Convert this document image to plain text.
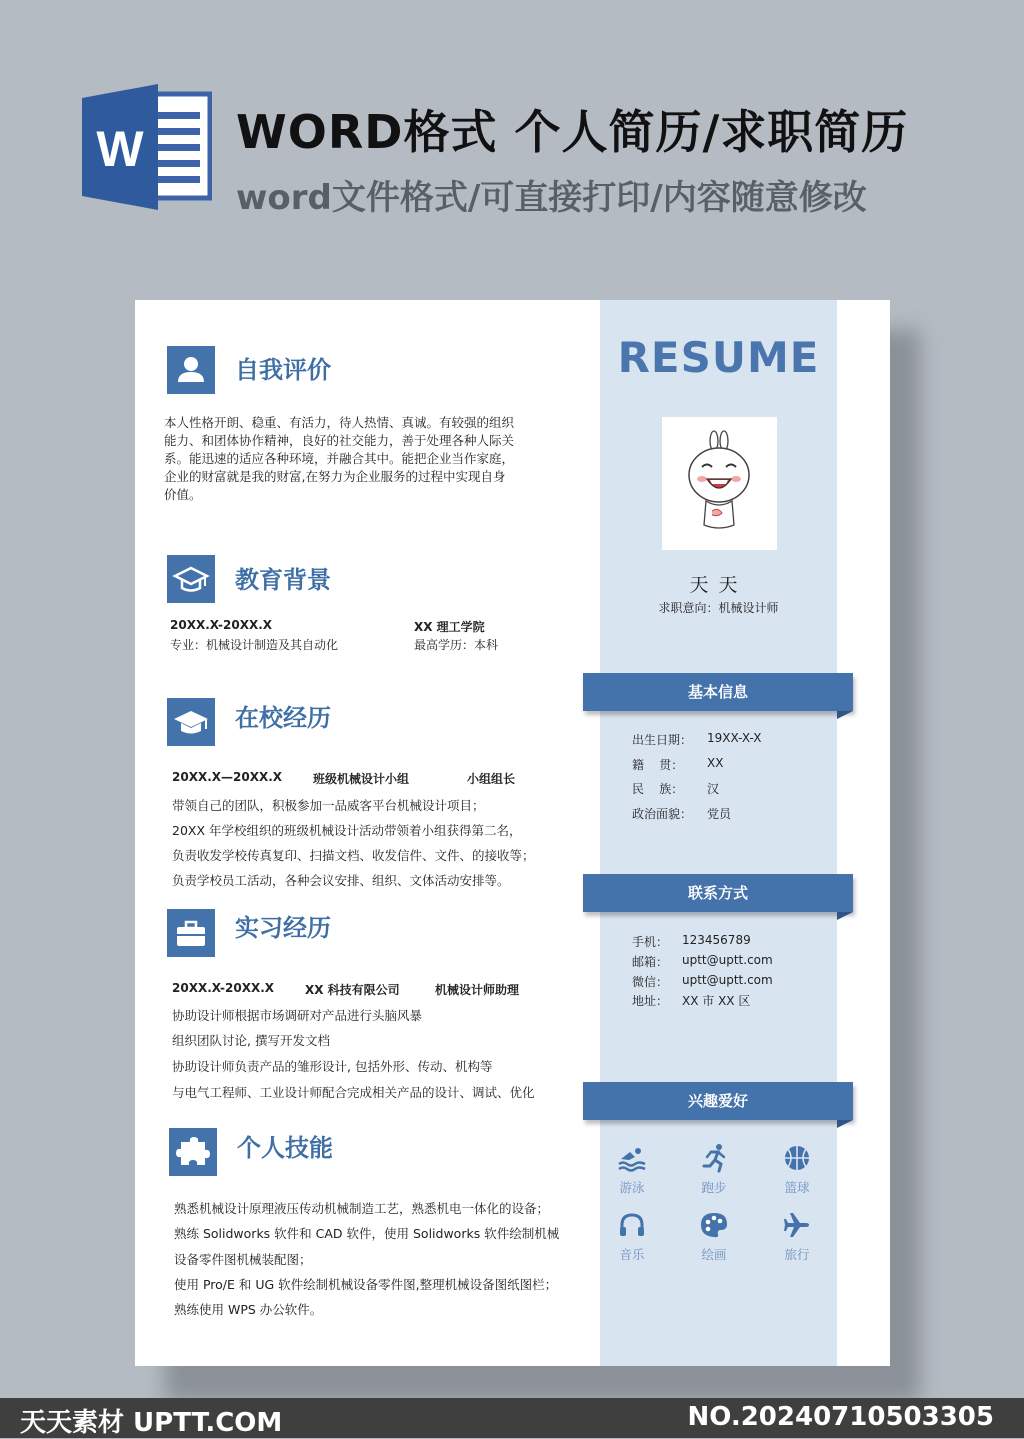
W WORD格式 个人简历/求职简历
word文件格式/可直接打印/内容随意修改
自我评价
本人性格开朗、稳重、有活力，待人热情、真诚。有较强的组织
能力、和团体协作精神，良好的社交能力，善于处理各种人际关
系。能迅速的适应各种环境，并融合其中。能把企业当作家庭，
企业的财富就是我的财富,在努力为企业服务的过程中实现自身
价值。
教育背景
20XX.X-20XX.X	XX 理工学院
专业：机械设计制造及其自动化	最高学历：本科
在校经历
20XX.X—20XX.X	班级机械设计小组	小组组长
带领自己的团队，积极参加一品威客平台机械设计项目；
20XX 年学校组织的班级机械设计活动带领着小组获得第二名，
负责收发学校传真复印、扫描文档、收发信件、文件、的接收等；
负责学校员工活动，各种会议安排、组织、文体活动安排等。
实习经历
20XX.X-20XX.X	XX 科技有限公司	机械设计师助理
协助设计师根据市场调研对产品进行头脑风暴
组织团队讨论, 撰写开发文档
协助设计师负责产品的雏形设计, 包括外形、传动、机构等
与电气工程师、工业设计师配合完成相关产品的设计、调试、优化
个人技能
熟悉机械设计原理液压传动机械制造工艺，熟悉机电一体化的设备；
熟练 Solidworks 软件和 CAD 软件，使用 Solidworks 软件绘制机械
设备零件图机械装配图；
使用 Pro/E 和 UG 软件绘制机械设备零件图,整理机械设备图纸图栏；
熟练使用 WPS 办公软件。
RESUME
天天
求职意向：机械设计师
基本信息
出生日期： 19XX-X-X
籍    贯： XX
民    族： 汉
政治面貌： 党员
联系方式
手机： 123456789
邮箱： uptt@uptt.com
微信： uptt@uptt.com
地址： XX 市 XX 区
兴趣爱好
游泳	跑步	篮球
音乐	绘画	旅行
天天素材 UPTT.COM	NO.20240710503305
